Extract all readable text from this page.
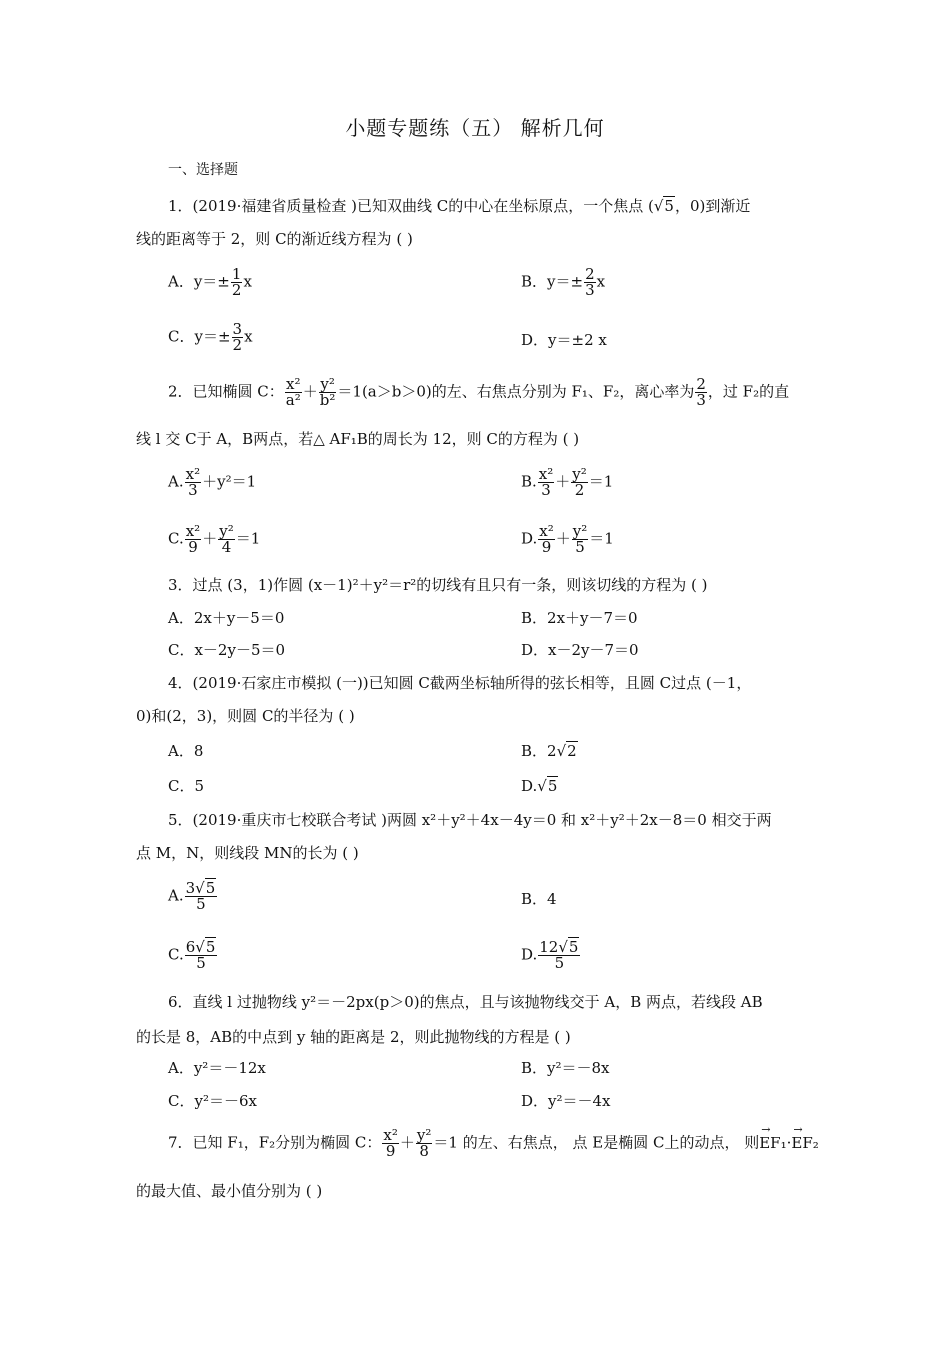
小题专题练（五） 解析几何
一、选择题
1．(2019·福建省质量检查 )已知双曲线 C的中心在坐标原点，一个焦点 (√5，0)到渐近
线的距离等于 2，则 C的渐近线方程为 ( )
A．$y=\pm \frac{1}{2}$ x	B．$y=\pm \frac{2}{3}$ x
C．$y=\pm \frac{3}{2}$ x	D．y＝±2 x
2．已知椭圆 C： $\frac{\text{x²}}{\text{a²}} + \frac{\text{y²}}{\text{b²}} =1(a>b>0)$的左、右焦点分别为 F₁、F₂，离心率为 $\frac{2}{3}$ ，过 F₂的直
线 l 交 C于 A，B两点，若△ AF₁B的周长为 12，则 C的方程为 ( )
A. $\frac{\text{x²}}{3} +y^2=1$	B. $\frac{\text{x²}}{3} + \frac{\text{y²}}{2} =1$
C. $\frac{\text{x²}}{9} + \frac{\text{y²}}{4} =1$	D. $\frac{\text{x²}}{9} + \frac{\text{y²}}{5} =1$
3．过点 (3，1)作圆 (x－1)²＋y²＝r²的切线有且只有一条，则该切线的方程为 ( )
A．2x＋y－5＝0	B．2x＋y－7＝0
C．x－2y－5＝0	D．x－2y－7＝0
4．(2019·石家庄市模拟 (一))已知圆 C截两坐标轴所得的弦长相等，且圆 C过点 (－1，
0)和(2，3)，则圆 C的半径为 ( )
A．8	B．2√2
C．5	D.√5
5．(2019·重庆市七校联合考试 )两圆 x²＋y²＋4x－4y＝0 和 x²＋y²＋2x－8＝0 相交于两
点 M，N，则线段 MN的长为 ( )
A. $\frac{3√5}{5}$	B．4
C. $\frac{6√5}{5}$	D. $\frac{12√5}{5}$
6．直线 l 过抛物线 y²＝－2px(p＞0)的焦点，且与该抛物线交于 A，B 两点，若线段 AB
的长是 8，AB的中点到 y 轴的距离是 2，则此抛物线的方程是 ( )
A．y²＝－12x	B．y²＝－8x
C．y²＝－6x	D．y²＝－4x
7．已知 F₁，F₂分别为椭圆 C： $\frac{\text{x²}}{9} + \frac{\text{y²}}{8} =1$ 的左、右焦点， 点 E是椭圆 C上的动点， 则→ EF₁·→ EF₂
的最大值、最小值分别为 ( )
